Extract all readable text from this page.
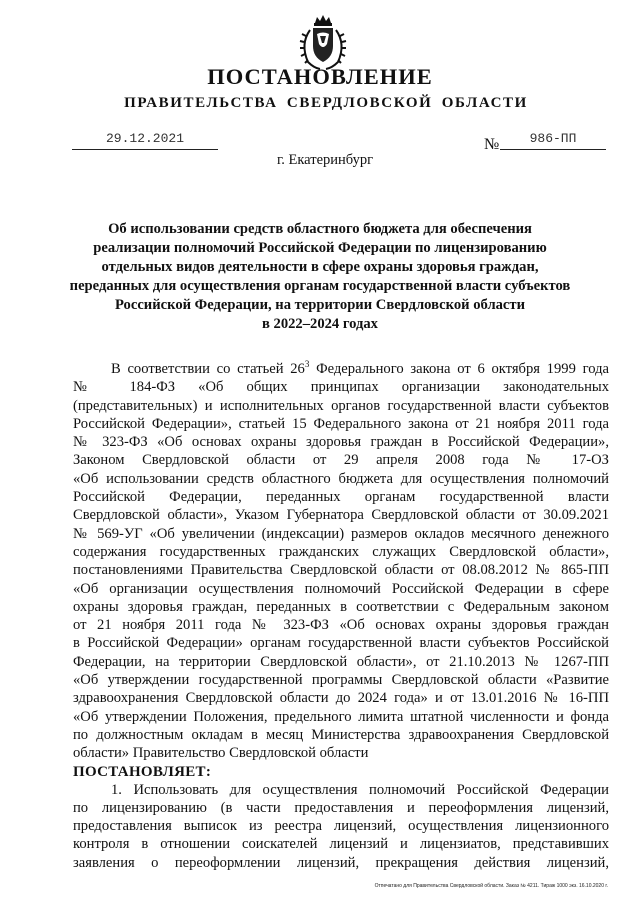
ПОСТАНОВЛЕНИЕ
ПРАВИТЕЛЬСТВА СВЕРДЛОВСКОЙ ОБЛАСТИ
29.12.2021	№	986-ПП
г. Екатеринбург
Об использовании средств областного бюджета для обеспечения
реализации полномочий Российской Федерации по лицензированию
отдельных видов деятельности в сфере охраны здоровья граждан,
переданных для осуществления органам государственной власти субъектов
Российской Федерации, на территории Свердловской области
в 2022–2024 годах
В соответствии со статьей $26^3$ Федерального закона от 6 октября 1999 года
№ 184-ФЗ «Об общих принципах организации законодательных
(представительных) и исполнительных органов государственной власти субъектов
Российской Федерации», статьей 15 Федерального закона от 21 ноября 2011 года
№ 323-ФЗ «Об основах охраны здоровья граждан в Российской Федерации»,
Законом Свердловской области от 29 апреля 2008 года № 17-ОЗ
«Об использовании средств областного бюджета для осуществления полномочий
Российской Федерации, переданных органам государственной власти
Свердловской области», Указом Губернатора Свердловской области от 30.09.2021
№ 569-УГ «Об увеличении (индексации) размеров окладов месячного денежного
содержания государственных гражданских служащих Свердловской области»,
постановлениями Правительства Свердловской области от 08.08.2012 № 865-ПП
«Об организации осуществления полномочий Российской Федерации в сфере
охраны здоровья граждан, переданных в соответствии с Федеральным законом
от 21 ноября 2011 года № 323-ФЗ «Об основах охраны здоровья граждан
в Российской Федерации» органам государственной власти субъектов Российской
Федерации, на территории Свердловской области», от 21.10.2013 № 1267-ПП
«Об утверждении государственной программы Свердловской области «Развитие
здравоохранения Свердловской области до 2024 года» и от 13.01.2016 № 16-ПП
«Об утверждении Положения, предельного лимита штатной численности и фонда
по должностным окладам в месяц Министерства здравоохранения Свердловской
области» Правительство Свердловской области
ПОСТАНОВЛЯЕТ:
1. Использовать для осуществления полномочий Российской Федерации
по лицензированию (в части предоставления и переоформления лицензий,
предоставления выписок из реестра лицензий, осуществления лицензионного
контроля в отношении соискателей лицензий и лицензиатов, представивших
заявления о переоформлении лицензий, прекращения действия лицензий,
Отпечатано для Правительства Свердловской области. Заказ № 4211. Тираж 1000 экз. 16.10.2020 г.
